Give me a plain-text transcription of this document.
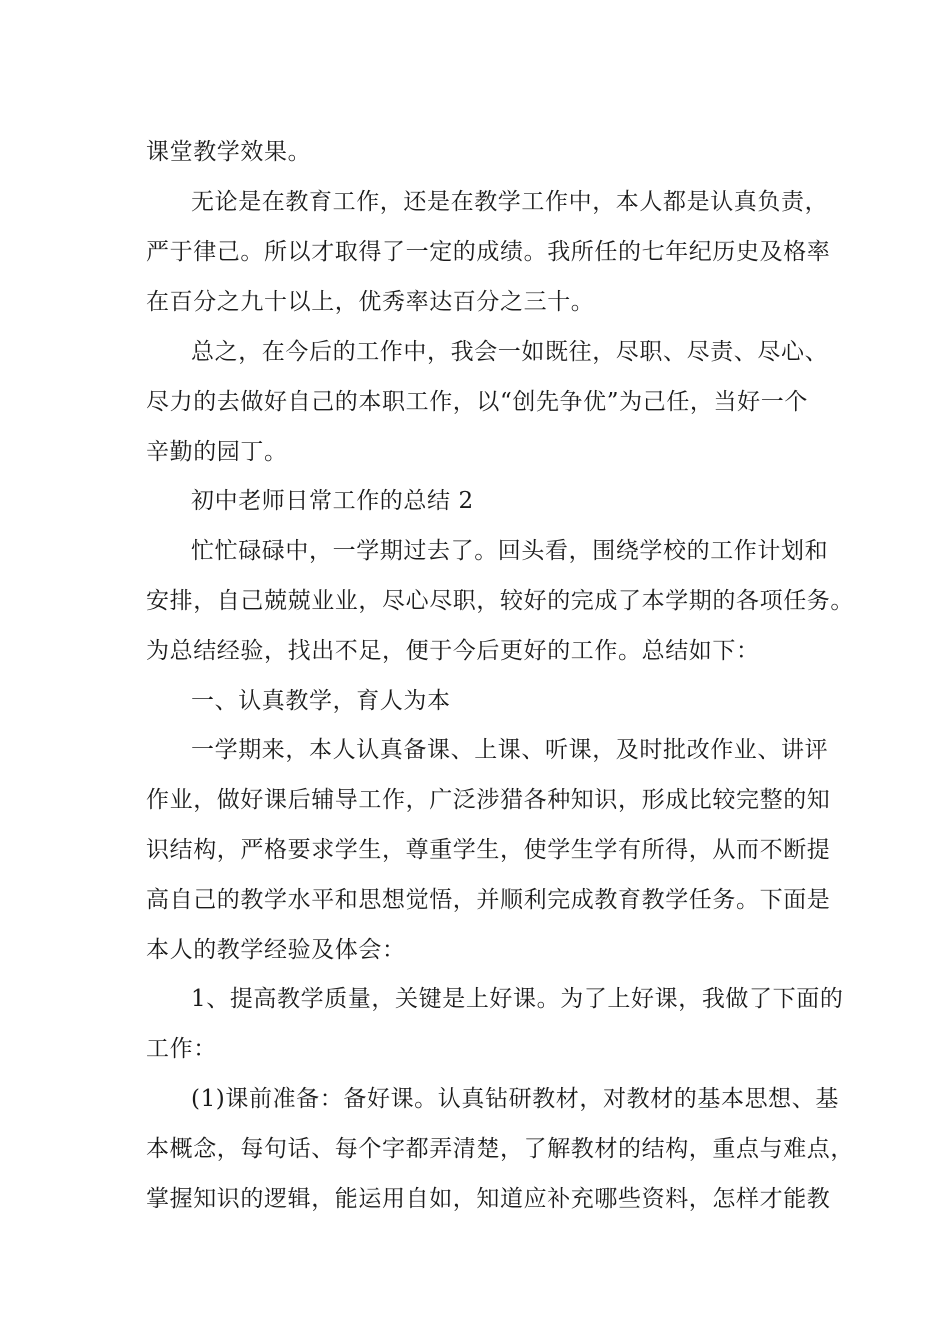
课堂教学效果。
无论是在教育工作，还是在教学工作中，本人都是认真负责，
严于律己。所以才取得了一定的成绩。我所任的七年纪历史及格率
在百分之九十以上，优秀率达百分之三十。
总之，在今后的工作中，我会一如既往，尽职、尽责、尽心、
尽力的去做好自己的本职工作，以“创先争优”为己任，当好一个
辛勤的园丁。
初中老师日常工作的总结 2
忙忙碌碌中，一学期过去了。回头看，围绕学校的工作计划和
安排，自己兢兢业业，尽心尽职，较好的完成了本学期的各项任务。
为总结经验，找出不足，便于今后更好的工作。总结如下：
一、认真教学，育人为本
一学期来，本人认真备课、上课、听课，及时批改作业、讲评
作业，做好课后辅导工作，广泛涉猎各种知识，形成比较完整的知
识结构，严格要求学生，尊重学生，使学生学有所得，从而不断提
高自己的教学水平和思想觉悟，并顺利完成教育教学任务。下面是
本人的教学经验及体会：
1、提高教学质量，关键是上好课。为了上好课，我做了下面的
工作：
(1)课前准备：备好课。认真钻研教材，对教材的基本思想、基
本概念，每句话、每个字都弄清楚，了解教材的结构，重点与难点，
掌握知识的逻辑，能运用自如，知道应补充哪些资料，怎样才能教
